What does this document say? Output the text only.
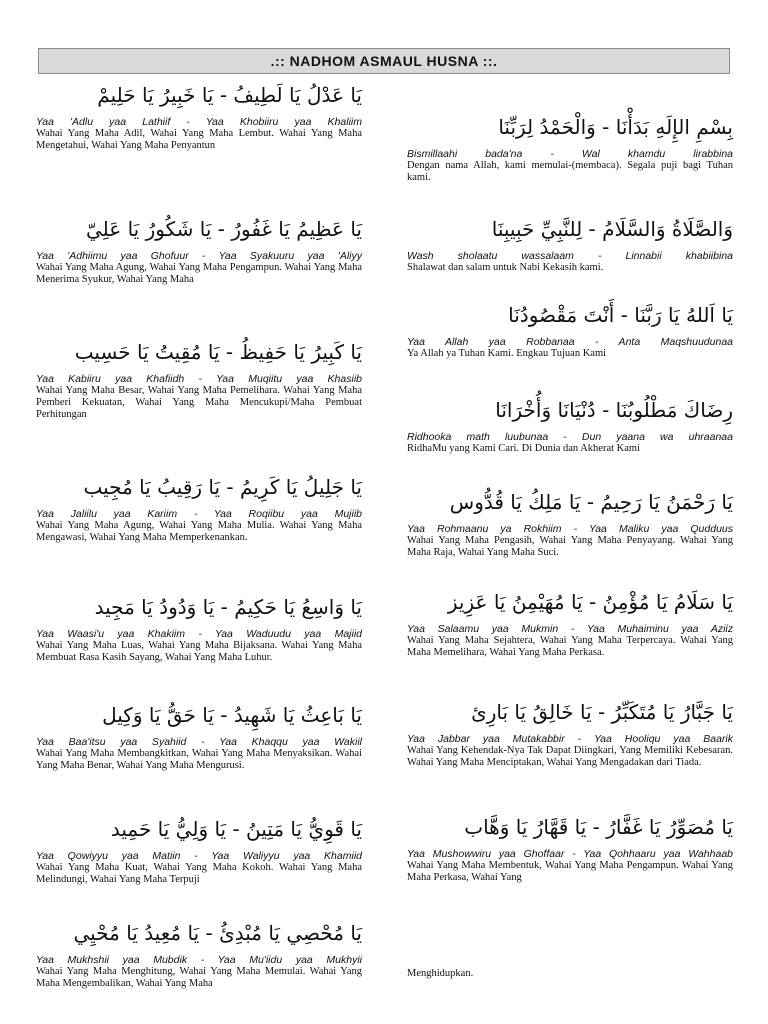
.:: NADHOM ASMAUL HUSNA ::.

يَا عَدْلُ يَا لَطِيفُ - يَا خَبِيرُ يَا حَلِيمْ

Yaa 'Adlu yaa Lathiif - Yaa Khobiiru yaa Khaliim

Wahai Yang Maha Adil, Wahai Yang Maha Lembut. Wahai Yang Maha Mengetahui, Wahai Yang Maha Penyantun

يَا عَظِيمُ يَا غَفُورُ - يَا شَكُورُ يَا عَلِيّ

Yaa 'Adhiimu yaa Ghofuur - Yaa Syakuuru yaa 'Aliyy

Wahai Yang Maha Agung, Wahai Yang Maha Pengampun. Wahai Yang Maha Menerima Syukur, Wahai Yang Maha

يَا كَبِيرُ يَا حَفِيظُ - يَا مُقِيتُ يَا حَسِيب

Yaa Kabiiru yaa Khafiidh - Yaa Muqiitu yaa Khasiib

Wahai Yang Maha Besar, Wahai Yang Maha Pemelihara. Wahai Yang Maha Pemberi Kekuatan, Wahai Yang Maha Mencukupi/Maha Pembuat Perhitungan

يَا جَلِيلُ يَا كَرِيمُ - يَا رَقِيبُ يَا مُجِيب

Yaa Jaliilu yaa Kariim - Yaa Roqiibu yaa Mujiib

Wahai Yang Maha Agung, Wahai Yang Maha Mulia. Wahai Yang Maha Mengawasi, Wahai Yang Maha Memperkenankan.

يَا وَاسِعُ يَا حَكِيمُ - يَا وَدُودُ يَا مَجِيد

Yaa Waasi'u yaa Khakiim - Yaa Waduudu yaa Majiid

Wahai Yang Maha Luas, Wahai Yang Maha Bijaksana. Wahai Yang Maha Membuat Rasa Kasih Sayang, Wahai Yang Maha Luhur.

يَا بَاعِثُ يَا شَهِيدُ - يَا حَقُّ يَا وَكِيل

Yaa Baa'itsu yaa Syahiid - Yaa Khaqqu yaa Wakiil

Wahai Yang Maha Membangkitkan, Wahai Yang Maha Menyaksikan. Wahai Yang Maha Benar, Wahai Yang Maha Mengurusi.

يَا قَوِيُّ يَا مَتِينُ - يَا وَلِيُّ يَا حَمِيد

Yaa Qowiyyu yaa Matiin - Yaa Waliyyu yaa Khamiid

Wahai Yang Maha Kuat, Wahai Yang Maha Kokoh. Wahai Yang Maha Melindungi, Wahai Yang Maha Terpuji

يَا مُحْصِي يَا مُبْدِئُ - يَا مُعِيدُ يَا مُحْيِي

Yaa Mukhshii yaa Mubdik - Yaa Mu'iidu yaa Mukhyii

Wahai Yang Maha Menghitung, Wahai Yang Maha Memulai. Wahai Yang Maha Mengembalikan, Wahai Yang Maha

بِسْمِ الإِلَهِ بَدَأْنَا - وَالْحَمْدُ لِرَبِّنَا

Bismillaahi bada'na - Wal khamdu lirabbina

Dengan nama Allah, kami memulai-(membaca). Segala puji bagi Tuhan kami.

وَالصَّلَاةُ وَالسَّلَامُ - لِلنَّبِيِّ حَبِيبِنَا

Wash sholaatu wassalaam - Linnabii khabiibina

Shalawat dan salam untuk Nabi Kekasih kami.

يَا اَللهُ يَا رَبَّنَا - أَنْتَ مَقْصُودُنَا

Yaa Allah yaa Robbanaa - Anta Maqshuudunaa

Ya Allah ya Tuhan Kami. Engkau Tujuan Kami

رِضَاكَ مَطْلُوبُنَا - دُنْيَانَا وَأُخْرَانَا

Ridhooka math luubunaa - Dun yaana wa uhraanaa

RidhaMu yang Kami Cari. Di Dunia dan Akherat Kami

يَا رَحْمَنُ يَا رَحِيمُ - يَا مَلِكُ يَا قُدُّوس

Yaa Rohmaanu ya Rokhiim - Yaa Maliku yaa Qudduus

Wahai Yang Maha Pengasih, Wahai Yang Maha Penyayang. Wahai Yang Maha Raja, Wahai Yang Maha Suci.

يَا سَلَامُ يَا مُؤْمِنُ - يَا مُهَيْمِنُ يَا عَزِيز

Yaa Salaamu yaa Mukmin - Yaa Muhaiminu yaa Aziiz

Wahai Yang Maha Sejahtera, Wahai Yang Maha Terpercaya. Wahai Yang Maha Memelihara, Wahai Yang Maha Perkasa.

يَا جَبَّارُ يَا مُتَكَبِّرُ - يَا خَالِقُ يَا بَارِئ

Yaa Jabbar yaa Mutakabbir - Yaa Hooliqu yaa Baarik

Wahai Yang Kehendak-Nya Tak Dapat Diingkari, Yang Memiliki Kebesaran. Wahai Yang Maha Menciptakan, Wahai Yang Mengadakan dari Tiada.

يَا مُصَوِّرُ يَا غَفَّارُ - يَا قَهَّارُ يَا وَهَّاب

Yaa Mushowwiru yaa Ghoffaar - Yaa Qohhaaru yaa Wahhaab

Wahai Yang Maha Membentuk, Wahai Yang Maha Pengampun. Wahai Yang Maha Perkasa, Wahai Yang

Menghidupkan.
